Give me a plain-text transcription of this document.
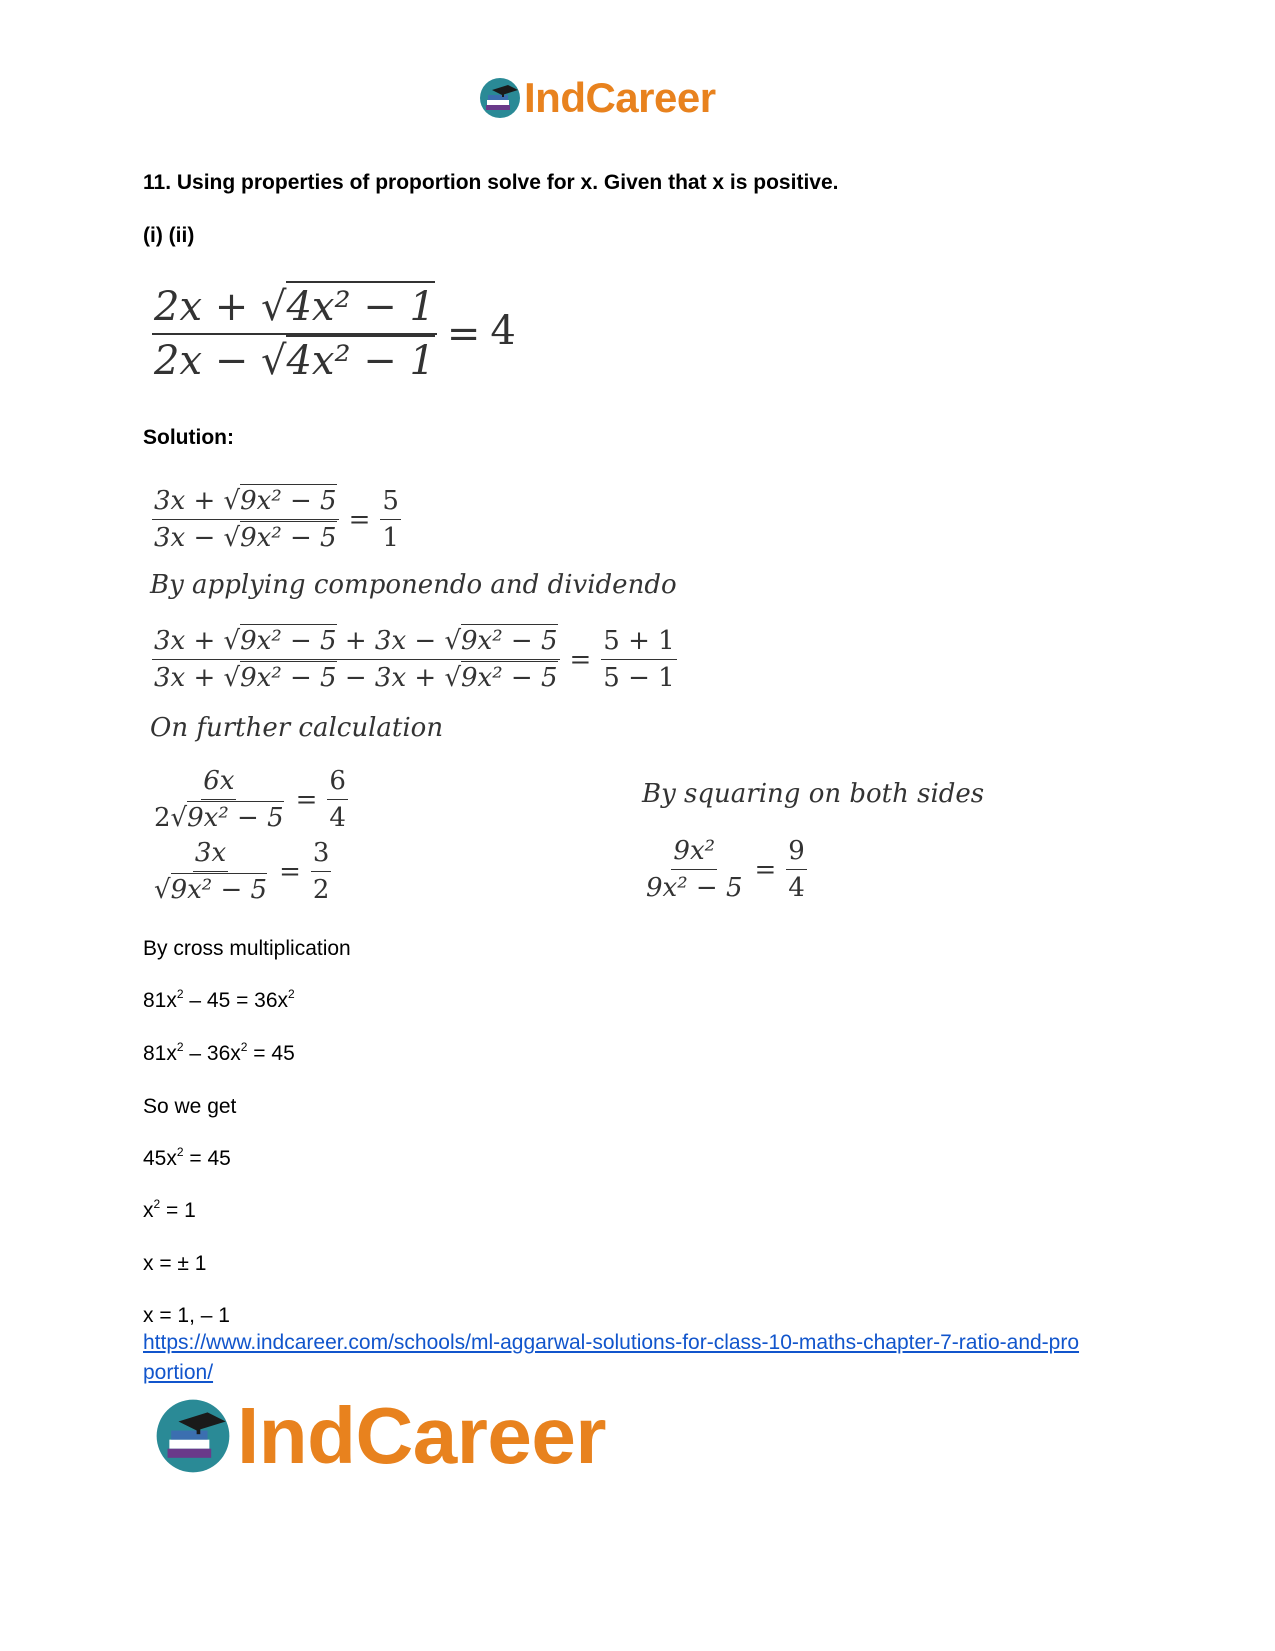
IndCareer
11. Using properties of proportion solve for x. Given that x is positive.
(i) (ii)
$\frac{\text{2x + √4x² − 1}}{\text{2x − √4x² − 1}} = 4$
Solution:
$\frac{\text{3x + √9x² − 5}}{\text{3x − √9x² − 5}} = \frac{5}{1}$
By applying componendo and dividendo
$\frac{\text{3x + √9x² − 5 + 3x − √9x² − 5}}{\text{3x + √9x² − 5 − 3x + √9x² − 5}} = \frac{5 + 1}{5 - 1}$
On further calculation
$\frac{6x}{\text{2√9x² − 5}} = \frac{6}{4}$
$\frac{3x}{\text{√9x² − 5}} = \frac{3}{2}$
By squaring on both sides
$\frac{\text{9x²}}{\text{9x² − 5}} = \frac{9}{4}$
By cross multiplication
$81x^2 - 45 = 36x^2$
$81x^2 - 36x^2 = 45$
So we get
$45x^2 = 45$
$x^2 = 1$
x = ± 1
x = 1, – 1
https://www.indcareer.com/schools/ml-aggarwal-solutions-for-class-10-maths-chapter-7-ratio-and-proportion/
IndCareer
